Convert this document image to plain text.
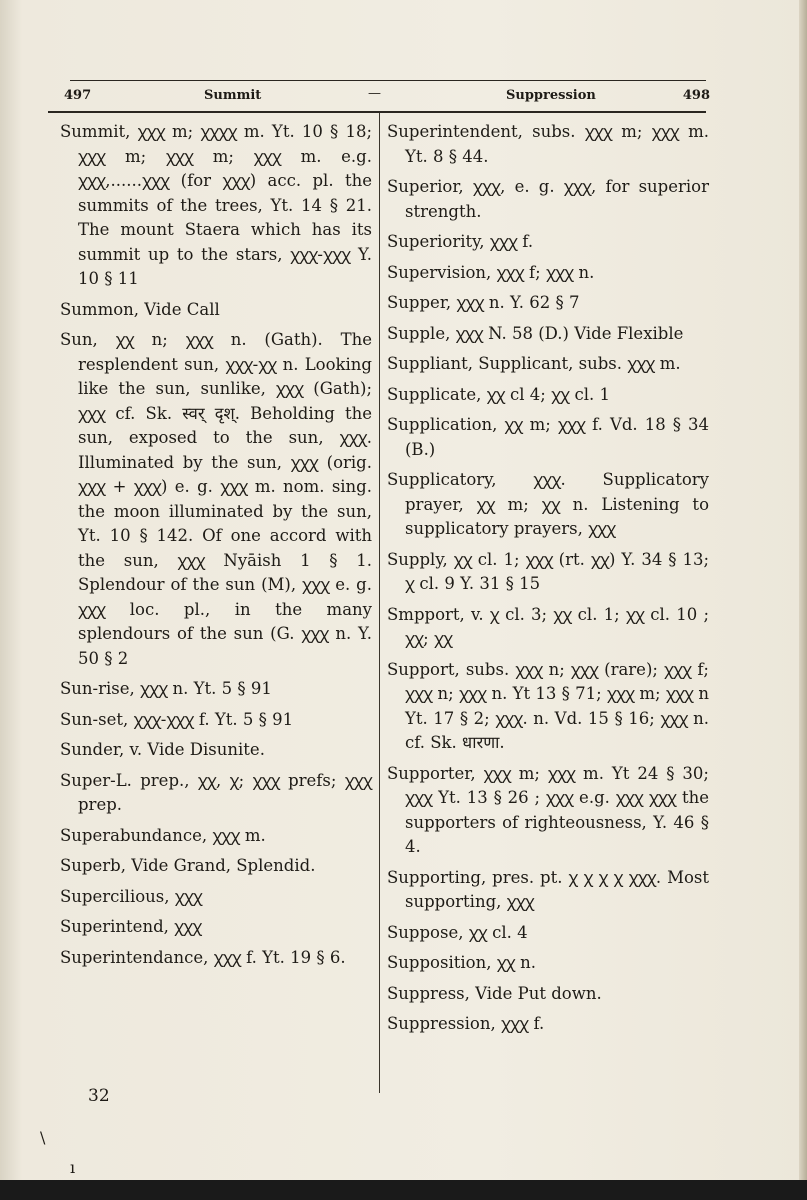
497	Summit	—	Suppression	498

Summit, ꭓꭓꭓ m; ꭓꭓꭓꭓ m. Yt. 10 § 18; ꭓꭓꭓ m; ꭓꭓꭓ m; ꭓꭓꭓ m. e.g. ꭓꭓꭓ,......ꭓꭓꭓ (for ꭓꭓꭓ) acc. pl. the summits of the trees, Yt. 14 § 21. The mount Staera which has its summit up to the stars, ꭓꭓꭓ-ꭓꭓꭓ Y. 10 § 11

Summon, Vide Call

Sun, ꭓꭓ n; ꭓꭓꭓ n. (Gath). The resplendent sun, ꭓꭓꭓ-ꭓꭓ n. Looking like the sun, sunlike, ꭓꭓꭓ (Gath); ꭓꭓꭓ cf. Sk. स्वर् दृश्. Beholding the sun, exposed to the sun, ꭓꭓꭓ. Illuminated by the sun, ꭓꭓꭓ (orig. ꭓꭓꭓ + ꭓꭓꭓ) e. g. ꭓꭓꭓ m. nom. sing. the moon illuminated by the sun, Yt. 10 § 142. Of one accord with the sun, ꭓꭓꭓ Nyāish 1 § 1. Splendour of the sun (M), ꭓꭓꭓ e. g. ꭓꭓꭓ loc. pl., in the many splendours of the sun (G. ꭓꭓꭓ n. Y. 50 § 2

Sun-rise, ꭓꭓꭓ n. Yt. 5 § 91

Sun-set, ꭓꭓꭓ-ꭓꭓꭓ f. Yt. 5 § 91

Sunder, v. Vide Disunite.

Super-L. prep., ꭓꭓ, ꭓ; ꭓꭓꭓ prefs; ꭓꭓꭓ prep.

Superabundance, ꭓꭓꭓ m.

Superb, Vide Grand, Splendid.

Supercilious, ꭓꭓꭓ

Superintend, ꭓꭓꭓ

Superintendance, ꭓꭓꭓ f. Yt. 19 § 6.

Superintendent, subs. ꭓꭓꭓ m; ꭓꭓꭓ m. Yt. 8 § 44.

Superior, ꭓꭓꭓ, e. g. ꭓꭓꭓ, for superior strength.

Superiority, ꭓꭓꭓ f.

Supervision, ꭓꭓꭓ f; ꭓꭓꭓ n.

Supper, ꭓꭓꭓ n. Y. 62 § 7

Supple, ꭓꭓꭓ N. 58 (D.) Vide Flexible

Suppliant, Supplicant, subs. ꭓꭓꭓ m.

Supplicate, ꭓꭓ cl 4; ꭓꭓ cl. 1

Supplication, ꭓꭓ m; ꭓꭓꭓ f. Vd. 18 § 34 (B.)

Supplicatory, ꭓꭓꭓ. Supplicatory prayer, ꭓꭓ m; ꭓꭓ n. Listening to supplicatory prayers, ꭓꭓꭓ

Supply, ꭓꭓ cl. 1; ꭓꭓꭓ (rt. ꭓꭓ) Y. 34 § 13; ꭓ cl. 9 Y. 31 § 15

Smpport, v. ꭓ cl. 3; ꭓꭓ cl. 1; ꭓꭓ cl. 10 ; ꭓꭓ; ꭓꭓ

Support, subs. ꭓꭓꭓ n; ꭓꭓꭓ (rare); ꭓꭓꭓ f; ꭓꭓꭓ n; ꭓꭓꭓ n. Yt 13 § 71; ꭓꭓꭓ m; ꭓꭓꭓ n Yt. 17 § 2; ꭓꭓꭓ. n. Vd. 15 § 16; ꭓꭓꭓ n. cf. Sk. धारणा.

Supporter, ꭓꭓꭓ m; ꭓꭓꭓ m. Yt 24 § 30; ꭓꭓꭓ Yt. 13 § 26 ; ꭓꭓꭓ e.g. ꭓꭓꭓ ꭓꭓꭓ the supporters of righteousness, Y. 46 § 4.

Supporting, pres. pt. ꭓ ꭓ ꭓ ꭓ ꭓꭓꭓ. Most supporting, ꭓꭓꭓ

Suppose, ꭓꭓ cl. 4

Supposition, ꭓꭓ n.

Suppress, Vide Put down.

Suppression, ꭓꭓꭓ f.

32
\
ı
